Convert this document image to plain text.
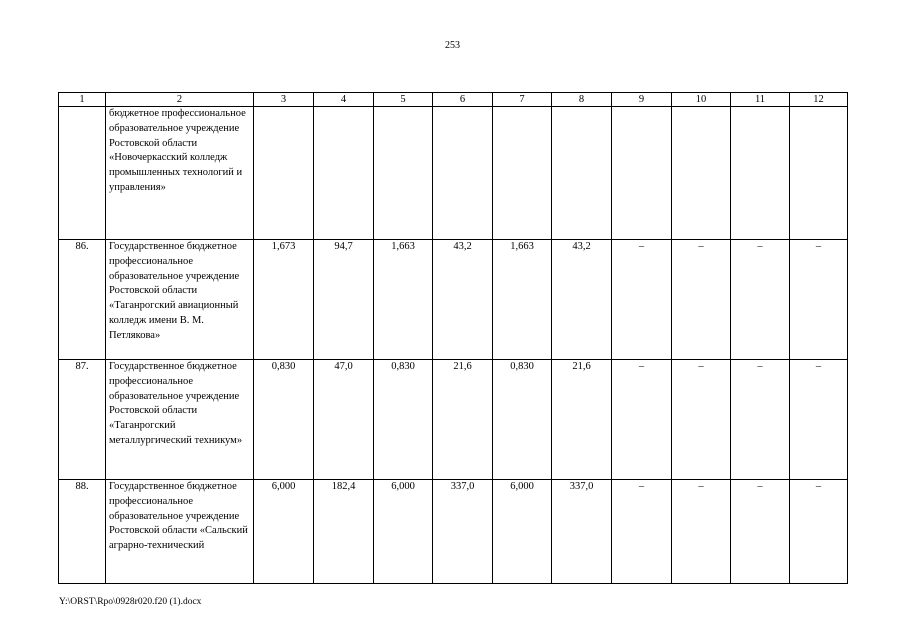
253
1	2	3	4	5	6	7	8	9	10	11	12
	бюджетное профессиональное образовательное учреждение Ростовской области «Новочеркасский колледж промышленных технологий и управления»										
86.	Государственное бюджетное профессиональное образовательное учреждение Ростовской области «Таганрогский авиационный колледж имени В. М. Петлякова»	1,673	94,7	1,663	43,2	1,663	43,2	–	–	–	–
87.	Государственное бюджетное профессиональное образовательное учреждение Ростовской области «Таганрогский металлургический техникум»	0,830	47,0	0,830	21,6	0,830	21,6	–	–	–	–
88.	Государственное бюджетное профессиональное образовательное учреждение Ростовской области «Сальский аграрно-технический	6,000	182,4	6,000	337,0	6,000	337,0	–	–	–	–
Y:\ORST\Rpo\0928r020.f20 (1).docx
